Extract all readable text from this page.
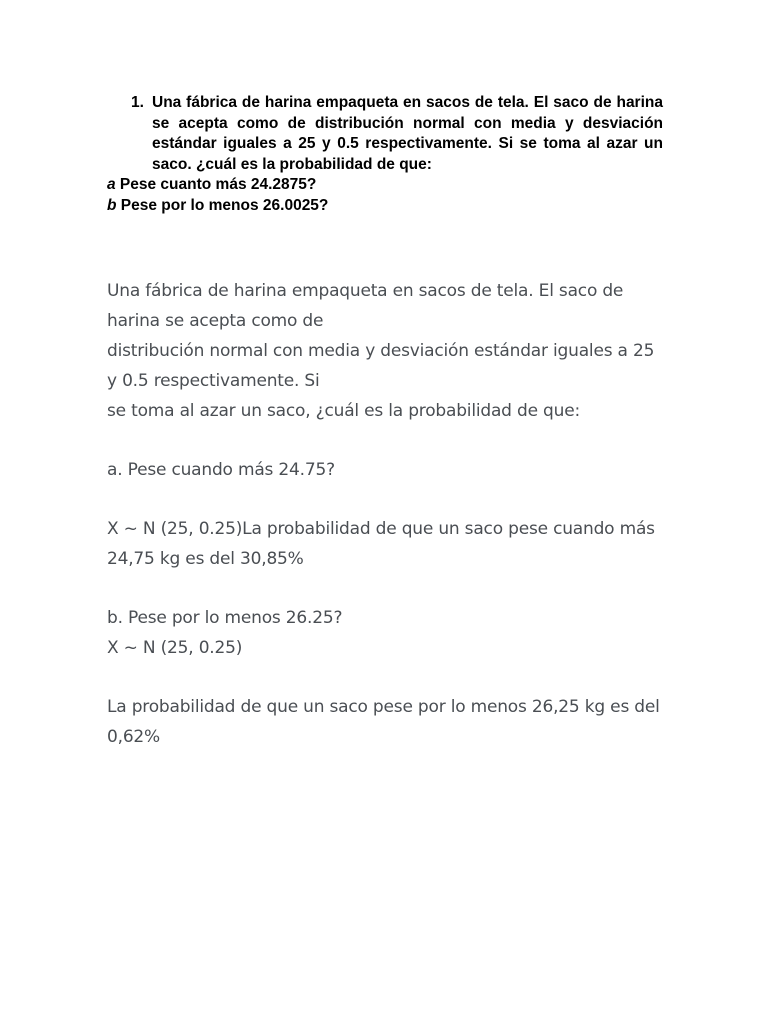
1. Una fábrica de harina empaqueta en sacos de tela. El saco de harina se acepta como de distribución normal con media y desviación estándar iguales a 25 y 0.5 respectivamente. Si se toma al azar un saco. ¿cuál es la probabilidad de que:
a Pese cuanto más 24.2875?
b Pese por lo menos 26.0025?

Una fábrica de harina empaqueta en sacos de tela. El saco de

harina se acepta como de

distribución normal con media y desviación estándar iguales a 25

y 0.5 respectivamente. Si

se toma al azar un saco, ¿cuál es la probabilidad de que:

a. Pese cuando más 24.75?

X ~ N (25, 0.25)La probabilidad de que un saco pese cuando más

24,75 kg es del 30,85%

b. Pese por lo menos 26.25?

X ~ N (25, 0.25)

La probabilidad de que un saco pese por lo menos 26,25 kg es del

0,62%
